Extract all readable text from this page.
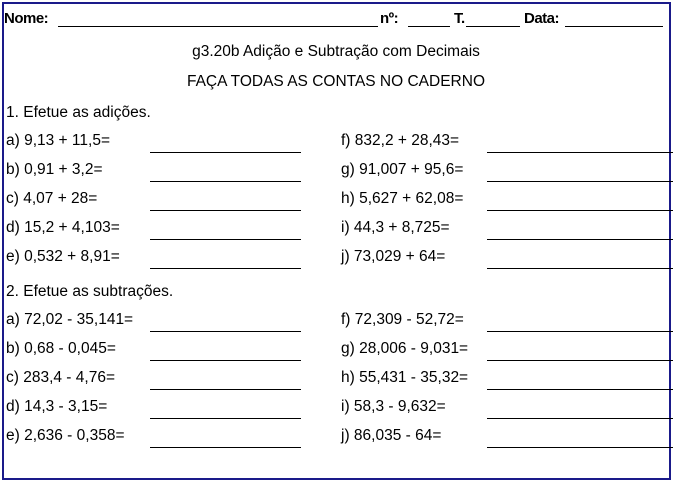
Nome:	nº:	T.	Data:
g3.20b Adição e Subtração com Decimais
FAÇA TODAS AS CONTAS NO CADERNO
1. Efetue as adições.
2. Efetue as subtrações.
a) 9,13 + 11,5=
b) 0,91 + 3,2=
c) 4,07 + 28=
d) 15,2 + 4,103=
e) 0,532 + 8,91=
f) 832,2 + 28,43=
g) 91,007 + 95,6=
h) 5,627 + 62,08=
i) 44,3 + 8,725=
j) 73,029 + 64=
a) 72,02 - 35,141=
b) 0,68 - 0,045=
c) 283,4 - 4,76=
d) 14,3 - 3,15=
e) 2,636 - 0,358=
f) 72,309 - 52,72=
g) 28,006 - 9,031=
h) 55,431 - 35,32=
i) 58,3 - 9,632=
j) 86,035 - 64=
